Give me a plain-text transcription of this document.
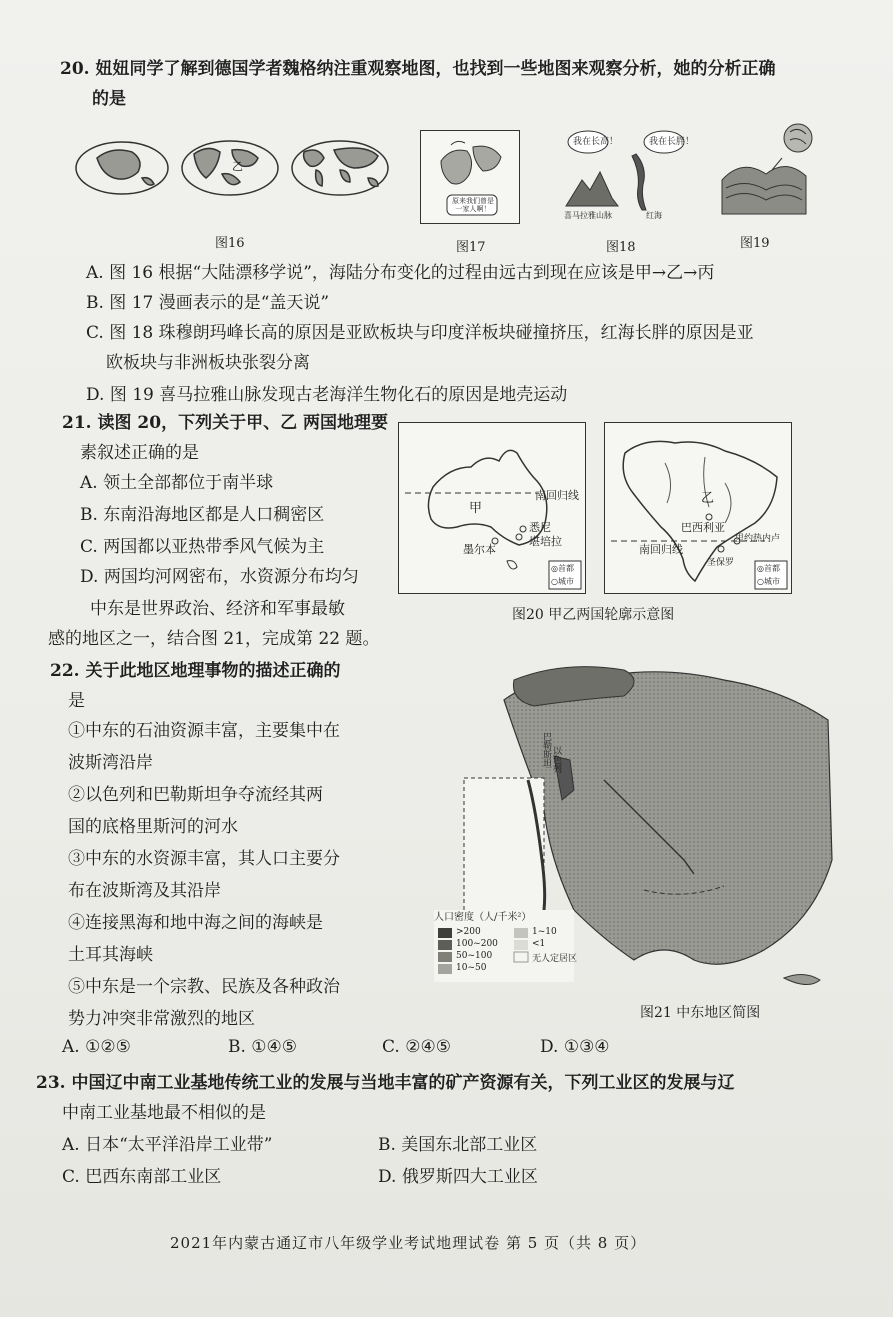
20. 妞妞同学了解到德国学者魏格纳注重观察地图，也找到一些地图来观察分析，她的分析正确
的是
乙
图16
原来我们曾是一家人啊！
图17
我在长高！	我在长胖！
喜马拉雅山脉	红海
图18	图19
A. 图 16 根据“大陆漂移学说”，海陆分布变化的过程由远古到现在应该是甲→乙→丙
B. 图 17 漫画表示的是“盖天说”
C. 图 18 珠穆朗玛峰长高的原因是亚欧板块与印度洋板块碰撞挤压，红海长胖的原因是亚
欧板块与非洲板块张裂分离
D. 图 19 喜马拉雅山脉发现古老海洋生物化石的原因是地壳运动
21. 读图 20，下列关于甲、乙 两国地理要
素叙述正确的是
A. 领土全部都位于南半球
B. 东南沿海地区都是人口稠密区
C. 两国都以亚热带季风气候为主
D. 两国均河网密布，水资源分布均匀
甲
南回归线
悉尼
堪培拉
墨尔本
◎首都
○城市
乙
巴西利亚
南回归线
里约热内卢
圣保罗
◎首都
○城市
图20 甲乙两国轮廓示意图
中东是世界政治、经济和军事最敏
感的地区之一，结合图 21，完成第 22 题。
22. 关于此地区地理事物的描述正确的
是
①中东的石油资源丰富，主要集中在
波斯湾沿岸
②以色列和巴勒斯坦争夺流经其两
国的底格里斯河的河水
③中东的水资源丰富，其人口主要分
布在波斯湾及其沿岸
④连接黑海和地中海之间的海峡是
土耳其海峡
⑤中东是一个宗教、民族及各种政治
势力冲突非常激烈的地区
A. ①②⑤	B. ①④⑤	C. ②④⑤	D. ①③④
人口密度（人/千米²）
>200
100~200
50~100
10~50
1~10
<1
无人定居区
巴勒斯坦 以色列
图21 中东地区简图
23. 中国辽中南工业基地传统工业的发展与当地丰富的矿产资源有关，下列工业区的发展与辽
中南工业基地最不相似的是
A. 日本“太平洋沿岸工业带”	B. 美国东北部工业区
C. 巴西东南部工业区	D. 俄罗斯四大工业区
2021年内蒙古通辽市八年级学业考试地理试卷 第 5 页（共 8 页）
